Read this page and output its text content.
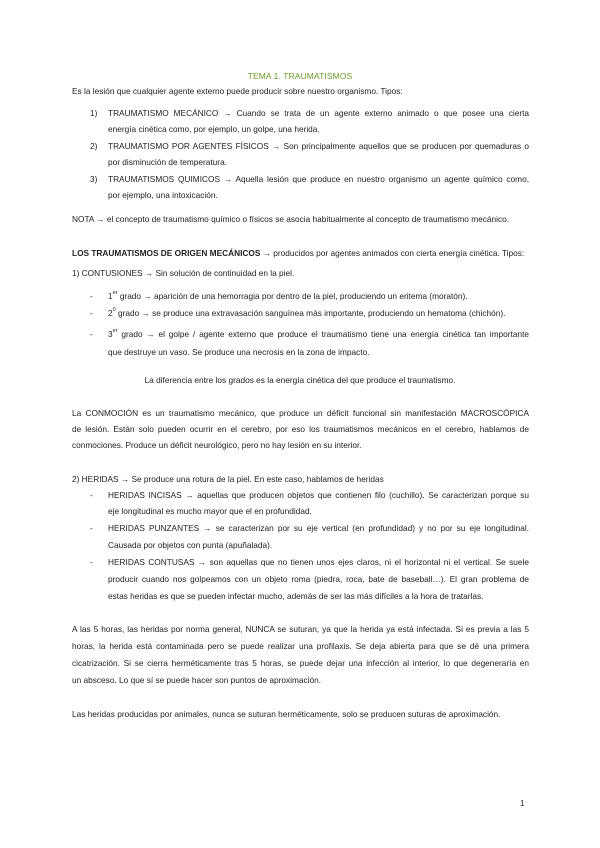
TEMA 1. TRAUMATISMOS
Es la lesión que cualquier agente externo puede producir sobre nuestro organismo. Tipos:
1) TRAUMATISMO MECÁNICO → Cuando se trata de un agente externo animado o que posee una cierta
energía cinética como, por ejemplo, un golpe, una herida.
2) TRAUMATISMO POR AGENTES FÍSICOS → Son principalmente aquellos que se producen por quemaduras o
por disminución de temperatura.
3) TRAUMATISMOS QUIMICOS → Aquella lesión que produce en nuestro organismo un agente químico como,
por ejemplo, una intoxicación.
NOTA → el concepto de traumatismo químico o físicos se asocia habitualmente al concepto de traumatismo mecánico.
LOS TRAUMATISMOS DE ORIGEN MECÁNICOS → producidos por agentes animados con cierta energía cinética. Tipos:
1) CONTUSIONES → Sin solución de continuidad en la piel.
- 1er grado → aparición de una hemorragia por dentro de la piel, produciendo un eritema (moratón).
- $2^0$ grado → se produce una extravasación sanguínea más importante, produciendo un hematoma (chichón).
- 3er grado → el golpe / agente externo que produce el traumatismo tiene una energía cinética tan importante
que destruye un vaso. Se produce una necrosis en la zona de impacto.
La diferencia entre los grados es la energía cinética del que produce el traumatismo.
La CONMOCIÓN es un traumatismo mecánico, que produce un déficit funcional sin manifestación MACROSCÓPICA
de lesión. Están solo pueden ocurrir en el cerebro, por eso los traumatismos mecánicos en el cerebro, hablamos de
conmociones. Produce un déficit neurológico, pero no hay lesión en su interior.
2) HERIDAS → Se produce una rotura de la piel. En este caso, hablamos de heridas
- HERIDAS INCISAS → aquellas que producen objetos que contienen filo (cuchillo). Se caracterizan porque su
eje longitudinal es mucho mayor que el en profundidad.
- HERIDAS PUNZANTES → se caracterizan por su eje vertical (en profundidad) y no por su eje longitudinal.
Causada por objetos con punta (apuñalada).
- HERIDAS CONTUSAS → son aquellas que no tienen unos ejes claros, ni el horizontal ni el vertical. Se suele
producir cuando nos golpeamos con un objeto roma (piedra, roca, bate de baseball…). El gran problema de
estas heridas es que se pueden infectar mucho, además de ser las más difíciles a la hora de tratarlas.
A las 5 horas, las heridas por norma general, NUNCA se suturan, ya que la herida ya está infectada. Si es previa a las 5
horas, la herida está contaminada pero se puede realizar una profilaxis. Se deja abierta para que se dé una primera
cicatrización. Si se cierra herméticamente tras 5 horas, se puede dejar una infección al interior, lo que degeneraría en
un absceso. Lo que sí se puede hacer son puntos de aproximación.
Las heridas producidas por animales, nunca se suturan herméticamente, solo se producen suturas de aproximación.
1
